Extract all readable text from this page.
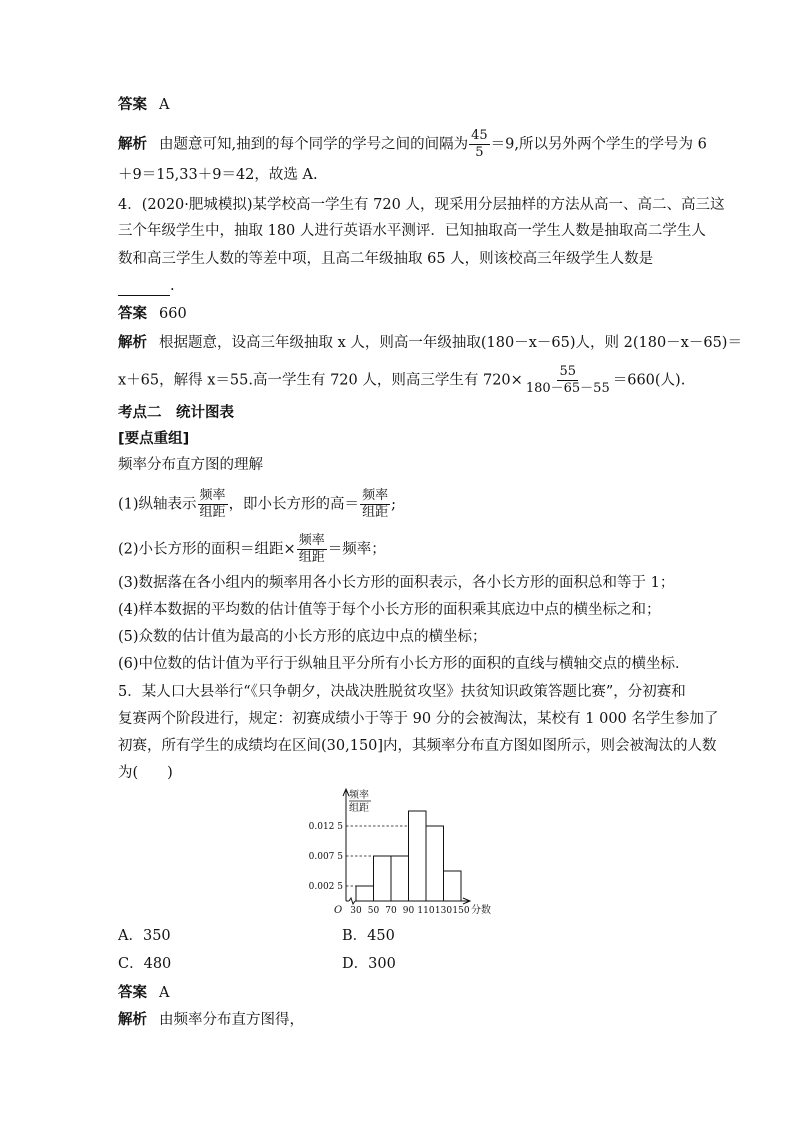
答案 A
解析 由题意可知,抽到的每个同学的学号之间的间隔为 $\frac{45}{5} =9$,所以另外两个学生的学号为 6
＋9＝15,33＋9＝42，故选 A.
4．(2020·肥城模拟)某学校高一学生有 720 人，现采用分层抽样的方法从高一、高二、高三这
三个年级学生中，抽取 180 人进行英语水平测评．已知抽取高一学生人数是抽取高二学生人
数和高三学生人数的等差中项，且高二年级抽取 65 人，则该校高三年级学生人数是
.
答案 660
解析 根据题意，设高三年级抽取 x 人，则高一年级抽取(180－x－65)人，则 2(180－x－65)＝
x＋65，解得 x＝55.高一学生有 720 人，则高三学生有 $720\times \frac{55}{180-65-55} =660$(人).
考点二　统计图表
[要点重组]
频率分布直方图的理解
(1)纵轴表示 $\frac{\text{频率}}{\text{组距}}$ ，即小长方形的高＝ $\frac{\text{频率}}{\text{组距}}$ ;
(2)小长方形的面积＝组距× $\frac{\text{频率}}{\text{组距}}$ ＝频率；
(3)数据落在各小组内的频率用各小长方形的面积表示，各小长方形的面积总和等于 1；
(4)样本数据的平均数的估计值等于每个小长方形的面积乘其底边中点的横坐标之和；
(5)众数的估计值为最高的小长方形的底边中点的横坐标；
(6)中位数的估计值为平行于纵轴且平分所有小长方形的面积的直线与横轴交点的横坐标．
5．某人口大县举行“《只争朝夕，决战决胜脱贫攻坚》扶贫知识政策答题比赛”，分初赛和
复赛两个阶段进行，规定：初赛成绩小于等于 90 分的会被淘汰，某校有 1 000 名学生参加了
初赛，所有学生的成绩均在区间(30,150]内，其频率分布直方图如图所示，则会被淘汰的人数
为(　　)
0.002 5
0.007 5
0.012 5
30 50 70 90 110 130 150 分数
O
频率
组距
A．350	B．450
C．480	D．300
答案 A
解析 由频率分布直方图得，
